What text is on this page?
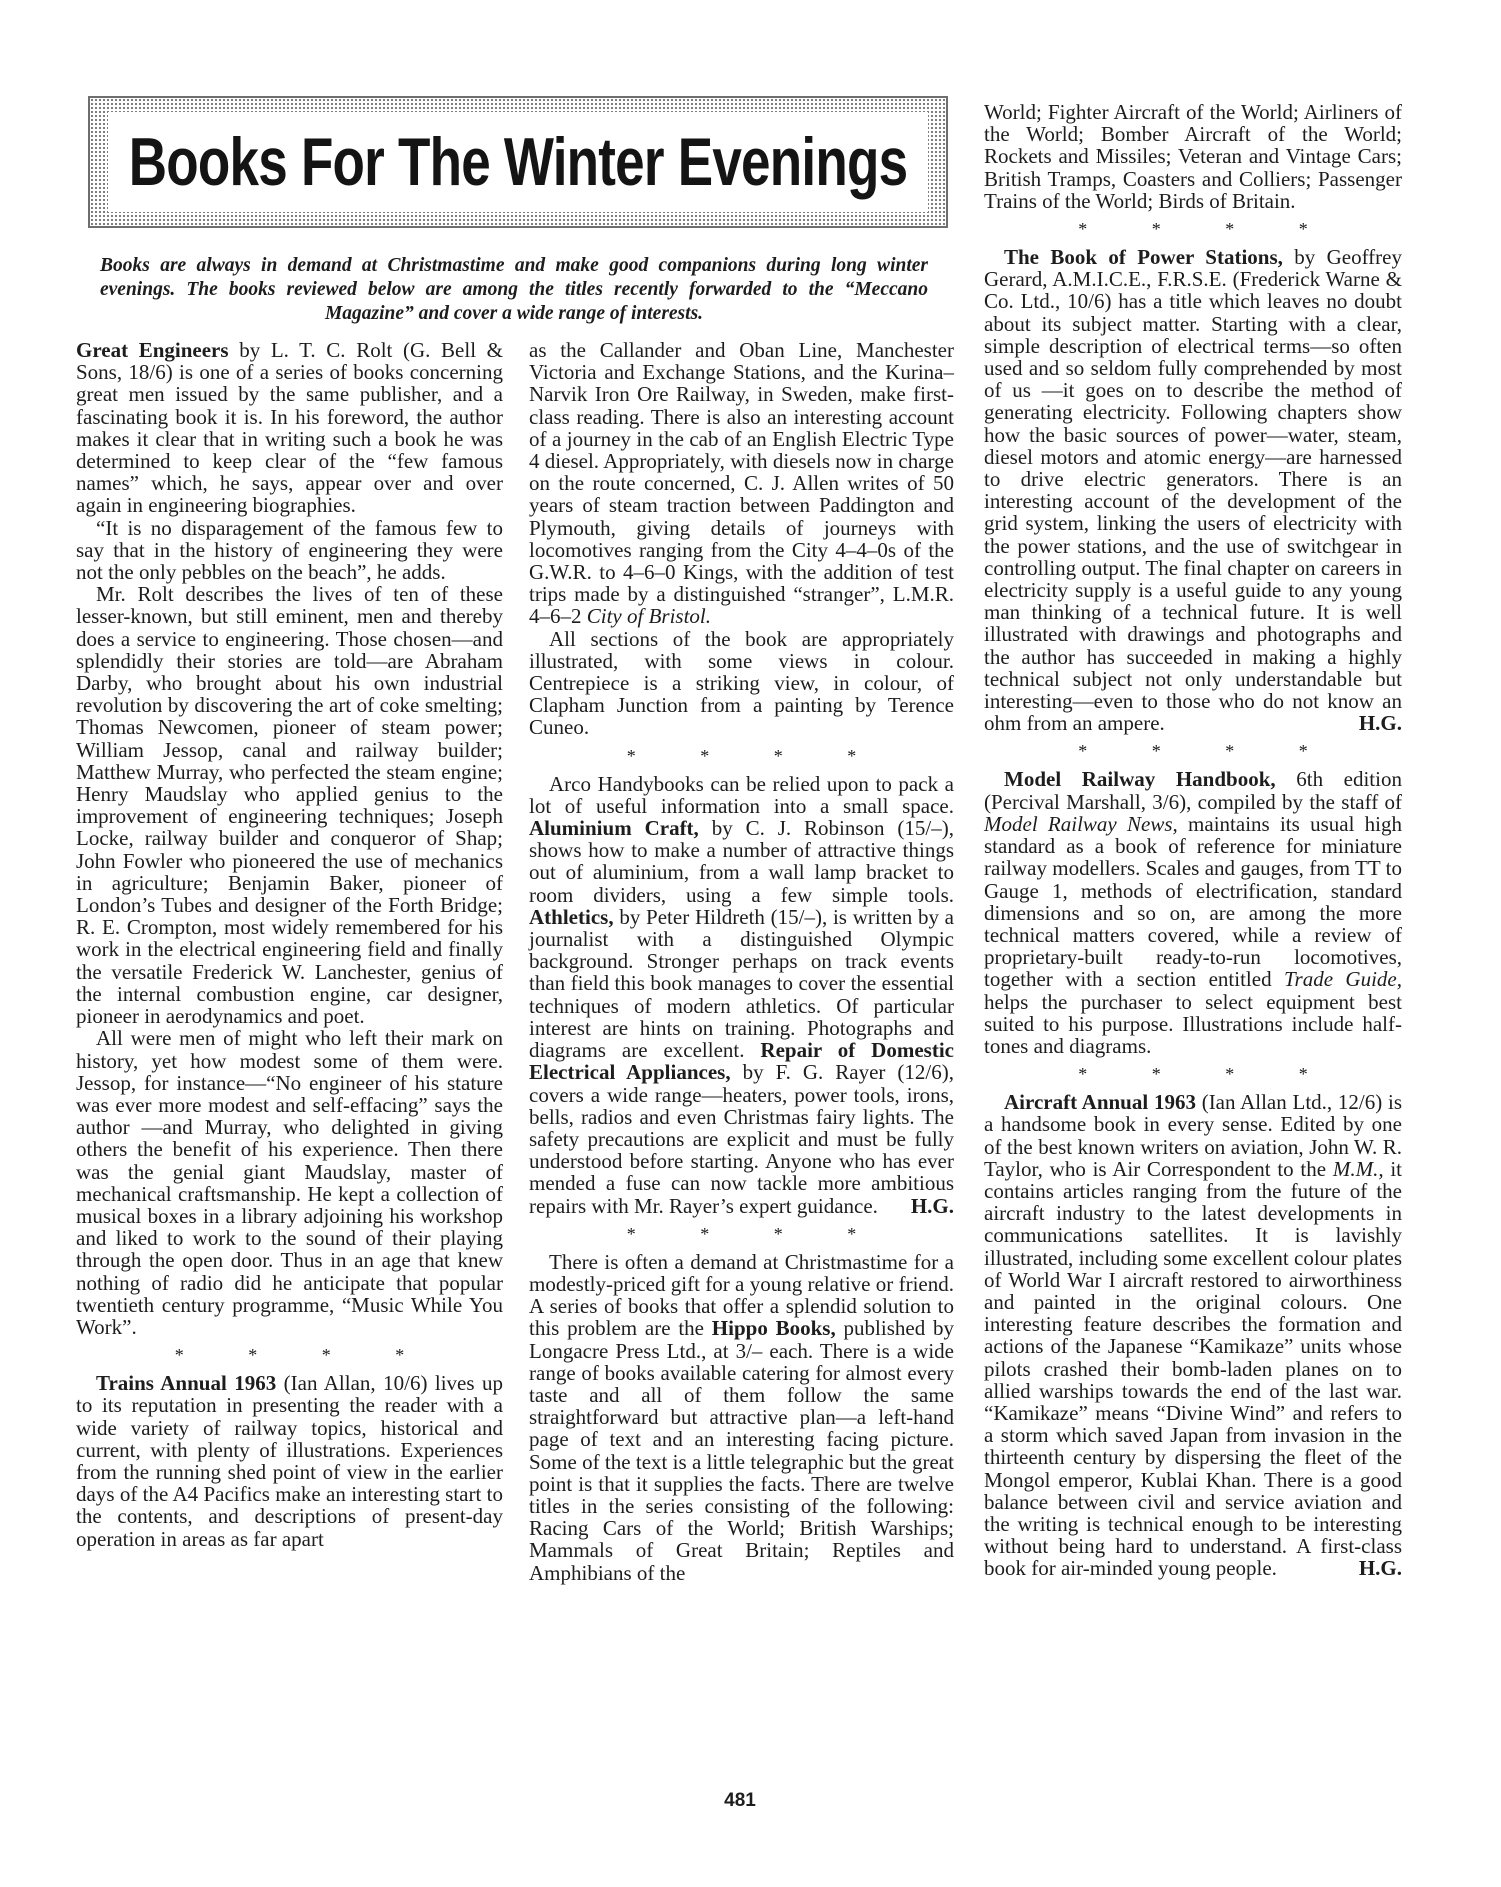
Books For The Winter Evenings
Books are always in demand at Christmastime and make good companions during long winter evenings. The books reviewed below are among the titles recently forwarded to the “Meccano Magazine” and cover a wide range of interests.

Great Engineers by L. T. C. Rolt (G. Bell & Sons, 18/6) is one of a series of books concerning great men issued by the same publisher, and a fascinating book it is. In his foreword, the author makes it clear that in writing such a book he was determined to keep clear of the “few famous names” which, he says, appear over and over again in engineering biographies.

“It is no disparagement of the famous few to say that in the history of engineering they were not the only pebbles on the beach”, he adds.

Mr. Rolt describes the lives of ten of these lesser-known, but still eminent, men and thereby does a service to engineering. Those chosen—and splendidly their stories are told—are Abraham Darby, who brought about his own industrial revolution by discovering the art of coke smelting; Thomas Newcomen, pioneer of steam power; William Jessop, canal and railway builder; Matthew Murray, who perfected the steam engine; Henry Maudslay who applied genius to the improvement of engineering techniques; Joseph Locke, railway builder and conqueror of Shap; John Fowler who pioneered the use of mechanics in agriculture; Benjamin Baker, pioneer of London’s Tubes and designer of the Forth Bridge; R. E. Crompton, most widely remembered for his work in the electrical engineering field and finally the versatile Frederick W. Lanchester, genius of the internal combustion engine, car designer, pioneer in aerodynamics and poet.

All were men of might who left their mark on history, yet how modest some of them were. Jessop, for instance—“No engineer of his stature was ever more modest and self-effacing” says the author —and Murray, who delighted in giving others the benefit of his experience. Then there was the genial giant Maudslay, master of mechanical craftsmanship. He kept a collection of musical boxes in a library adjoining his workshop and liked to work to the sound of their playing through the open door. Thus in an age that knew nothing of radio did he anticipate that popular twentieth century programme, “Music While You Work”.

* * * *

Trains Annual 1963 (Ian Allan, 10/6) lives up to its reputation in presenting the reader with a wide variety of railway topics, historical and current, with plenty of illustrations. Experiences from the running shed point of view in the earlier days of the A4 Pacifics make an interesting start to the contents, and descriptions of present-day operation in areas as far apart

as the Callander and Oban Line, Manchester Victoria and Exchange Stations, and the Kurina–Narvik Iron Ore Railway, in Sweden, make first-class reading. There is also an interesting account of a journey in the cab of an English Electric Type 4 diesel. Appropriately, with diesels now in charge on the route concerned, C. J. Allen writes of 50 years of steam traction between Paddington and Plymouth, giving details of journeys with locomotives ranging from the City 4–4–0s of the G.W.R. to 4–6–0 Kings, with the addition of test trips made by a distinguished “stranger”, L.M.R. 4–6–2 City of Bristol.

All sections of the book are appropriately illustrated, with some views in colour. Centrepiece is a striking view, in colour, of Clapham Junction from a painting by Terence Cuneo.

* * * *

Arco Handybooks can be relied upon to pack a lot of useful information into a small space. Aluminium Craft, by C. J. Robinson (15/–), shows how to make a number of attractive things out of aluminium, from a wall lamp bracket to room dividers, using a few simple tools. Athletics, by Peter Hildreth (15/–), is written by a journalist with a distinguished Olympic background. Stronger perhaps on track events than field this book manages to cover the essential techniques of modern athletics. Of particular interest are hints on training. Photographs and diagrams are excellent. Repair of Domestic Electrical Appliances, by F. G. Rayer (12/6), covers a wide range—heaters, power tools, irons, bells, radios and even Christmas fairy lights. The safety precautions are explicit and must be fully understood before starting. Anyone who has ever mended a fuse can now tackle more ambitious repairs with Mr. Rayer’s expert guidance.	H.G.

* * * *

There is often a demand at Christmastime for a modestly-priced gift for a young relative or friend. A series of books that offer a splendid solution to this problem are the Hippo Books, published by Longacre Press Ltd., at 3/– each. There is a wide range of books available catering for almost every taste and all of them follow the same straightforward but attractive plan—a left-hand page of text and an interesting facing picture. Some of the text is a little telegraphic but the great point is that it supplies the facts. There are twelve titles in the series consisting of the following: Racing Cars of the World; British Warships; Mammals of Great Britain; Reptiles and Amphibians of the

World; Fighter Aircraft of the World; Airliners of the World; Bomber Aircraft of the World; Rockets and Missiles; Veteran and Vintage Cars; British Tramps, Coasters and Colliers; Passenger Trains of the World; Birds of Britain.

* * * *

The Book of Power Stations, by Geoffrey Gerard, A.M.I.C.E., F.R.S.E. (Frederick Warne & Co. Ltd., 10/6) has a title which leaves no doubt about its subject matter. Starting with a clear, simple description of electrical terms—so often used and so seldom fully comprehended by most of us —it goes on to describe the method of generating electricity. Following chapters show how the basic sources of power—water, steam, diesel motors and atomic energy—are harnessed to drive electric generators. There is an interesting account of the development of the grid system, linking the users of electricity with the power stations, and the use of switchgear in controlling output. The final chapter on careers in electricity supply is a useful guide to any young man thinking of a technical future. It is well illustrated with drawings and photographs and the author has succeeded in making a highly technical subject not only understandable but interesting—even to those who do not know an ohm from an ampere.	H.G.

* * * *

Model Railway Handbook, 6th edition (Percival Marshall, 3/6), compiled by the staff of Model Railway News, maintains its usual high standard as a book of reference for miniature railway modellers. Scales and gauges, from TT to Gauge 1, methods of electrification, standard dimensions and so on, are among the more technical matters covered, while a review of proprietary-built ready-to-run locomotives, together with a section entitled Trade Guide, helps the purchaser to select equipment best suited to his purpose. Illustrations include half-tones and diagrams.

* * * *

Aircraft Annual 1963 (Ian Allan Ltd., 12/6) is a handsome book in every sense. Edited by one of the best known writers on aviation, John W. R. Taylor, who is Air Correspondent to the M.M., it contains articles ranging from the future of the aircraft industry to the latest developments in communications satellites. It is lavishly illustrated, including some excellent colour plates of World War I aircraft restored to airworthiness and painted in the original colours. One interesting feature describes the formation and actions of the Japanese “Kamikaze” units whose pilots crashed their bomb-laden planes on to allied warships towards the end of the last war. “Kamikaze” means “Divine Wind” and refers to a storm which saved Japan from invasion in the thirteenth century by dispersing the fleet of the Mongol emperor, Kublai Khan. There is a good balance between civil and service aviation and the writing is technical enough to be interesting without being hard to understand. A first-class book for air-minded young people.	H.G.

481
